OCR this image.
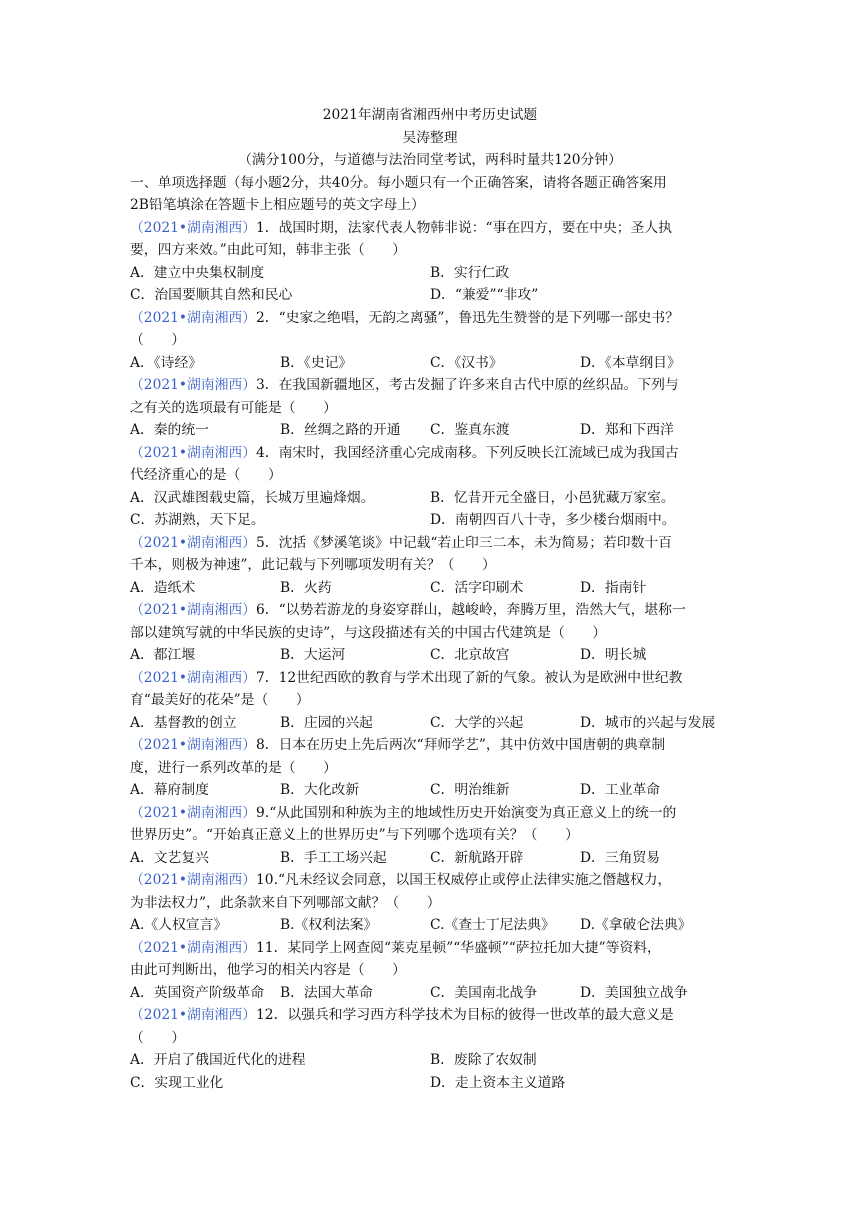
2021年湖南省湘西州中考历史试题

吴涛整理

（满分100分，与道德与法治同堂考试，两科时量共120分钟）

一、单项选择题（每小题2分，共40分。每小题只有一个正确答案，请将各题正确答案用

2B铅笔填涂在答题卡上相应题号的英文字母上）

（2021•湖南湘西）1．战国时期，法家代表人物韩非说：“事在四方，要在中央；圣人执

要，四方来效。”由此可知，韩非主张（　　）

A．建立中央集权制度	B．实行仁政
C．治国要顺其自然和民心	D．“兼爱”“非攻”

（2021•湖南湘西）2．“史家之绝唱，无韵之离骚”，鲁迅先生赞誉的是下列哪一部史书？

（　　）

A．《诗经》	B．《史记》	C．《汉书》	D．《本草纲目》

（2021•湖南湘西）3．在我国新疆地区，考古发掘了许多来自古代中原的丝织品。下列与

之有关的选项最有可能是（　　）

A．秦的统一	B．丝绸之路的开通	C．鉴真东渡	D．郑和下西洋

（2021•湖南湘西）4．南宋时，我国经济重心完成南移。下列反映长江流域已成为我国古

代经济重心的是（　　）

A．汉武雄图载史篇，长城万里遍烽烟。	B．忆昔开元全盛日，小邑犹藏万家室。
C．苏湖熟，天下足。	D．南朝四百八十寺，多少楼台烟雨中。

（2021•湖南湘西）5．沈括《梦溪笔谈》中记载“若止印三二本，未为简易；若印数十百

千本，则极为神速”，此记载与下列哪项发明有关？（　　）

A．造纸术	B．火药	C．活字印刷术	D．指南针

（2021•湖南湘西）6．“以势若游龙的身姿穿群山，越峻岭，奔腾万里，浩然大气，堪称一

部以建筑写就的中华民族的史诗”，与这段描述有关的中国古代建筑是（　　）

A．都江堰	B．大运河	C．北京故宫	D．明长城

（2021•湖南湘西）7．12世纪西欧的教育与学术出现了新的气象。被认为是欧洲中世纪教

育“最美好的花朵”是（　　）

A．基督教的创立	B．庄园的兴起	C．大学的兴起	D．城市的兴起与发展

（2021•湖南湘西）8．日本在历史上先后两次“拜师学艺”，其中仿效中国唐朝的典章制

度，进行一系列改革的是（　　）

A．幕府制度	B．大化改新	C．明治维新	D．工业革命

（2021•湖南湘西）9.“从此国别和种族为主的地域性历史开始演变为真正意义上的统一的

世界历史”。“开始真正意义上的世界历史”与下列哪个选项有关？（　　）

A．文艺复兴	B．手工工场兴起	C．新航路开辟	D．三角贸易

（2021•湖南湘西）10.“凡未经议会同意，以国王权威停止或停止法律实施之僭越权力，

为非法权力”，此条款来自下列哪部文献？（　　）

A.《人权宣言》	B.《权利法案》	C.《查士丁尼法典》	D.《拿破仑法典》

（2021•湖南湘西）11．某同学上网查阅“莱克星顿”“华盛顿”“萨拉托加大捷”等资料，

由此可判断出，他学习的相关内容是（　　）

A．英国资产阶级革命	B．法国大革命	C．美国南北战争	D．美国独立战争

（2021•湖南湘西）12．以强兵和学习西方科学技术为目标的彼得一世改革的最大意义是

（　　）

A．开启了俄国近代化的进程	B．废除了农奴制
C．实现工业化	D．走上资本主义道路
